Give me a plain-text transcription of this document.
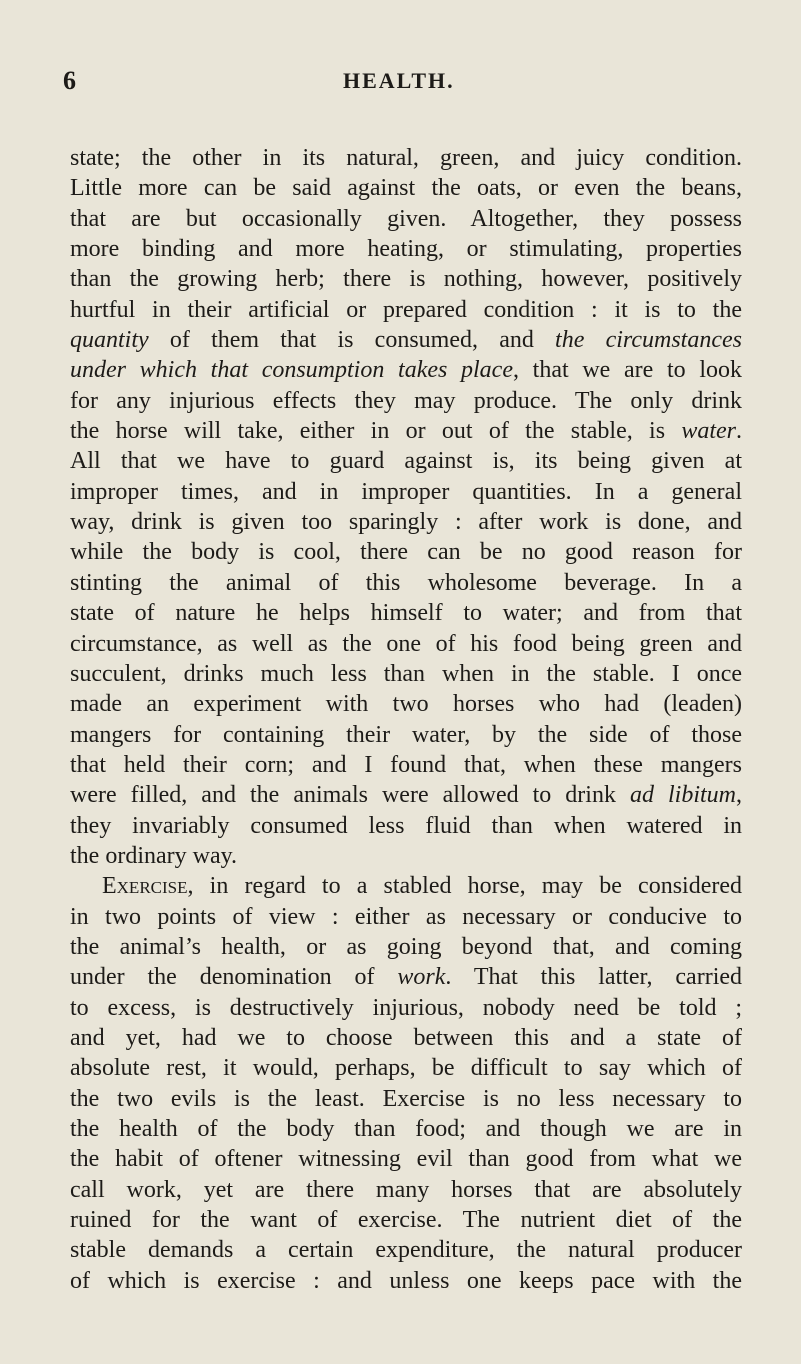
6	HEALTH.
state; the other in its natural, green, and juicy condition.
Little more can be said against the oats, or even the beans,
that are but occasionally given. Altogether, they possess
more binding and more heating, or stimulating, properties
than the growing herb; there is nothing, however, positively
hurtful in their artificial or prepared condition : it is to the
quantity of them that is consumed, and the circumstances
under which that consumption takes place, that we are to look
for any injurious effects they may produce. The only drink
the horse will take, either in or out of the stable, is water.
All that we have to guard against is, its being given at
improper times, and in improper quantities. In a general
way, drink is given too sparingly : after work is done, and
while the body is cool, there can be no good reason for
stinting the animal of this wholesome beverage. In a
state of nature he helps himself to water; and from that
circumstance, as well as the one of his food being green and
succulent, drinks much less than when in the stable. I once
made an experiment with two horses who had (leaden)
mangers for containing their water, by the side of those
that held their corn; and I found that, when these mangers
were filled, and the animals were allowed to drink ad libitum,
they invariably consumed less fluid than when watered in
the ordinary way.
Exercise, in regard to a stabled horse, may be considered
in two points of view : either as necessary or conducive to
the animal’s health, or as going beyond that, and coming
under the denomination of work. That this latter, carried
to excess, is destructively injurious, nobody need be told ;
and yet, had we to choose between this and a state of
absolute rest, it would, perhaps, be difficult to say which of
the two evils is the least. Exercise is no less necessary to
the health of the body than food; and though we are in
the habit of oftener witnessing evil than good from what we
call work, yet are there many horses that are absolutely
ruined for the want of exercise. The nutrient diet of the
stable demands a certain expenditure, the natural producer
of which is exercise : and unless one keeps pace with the
